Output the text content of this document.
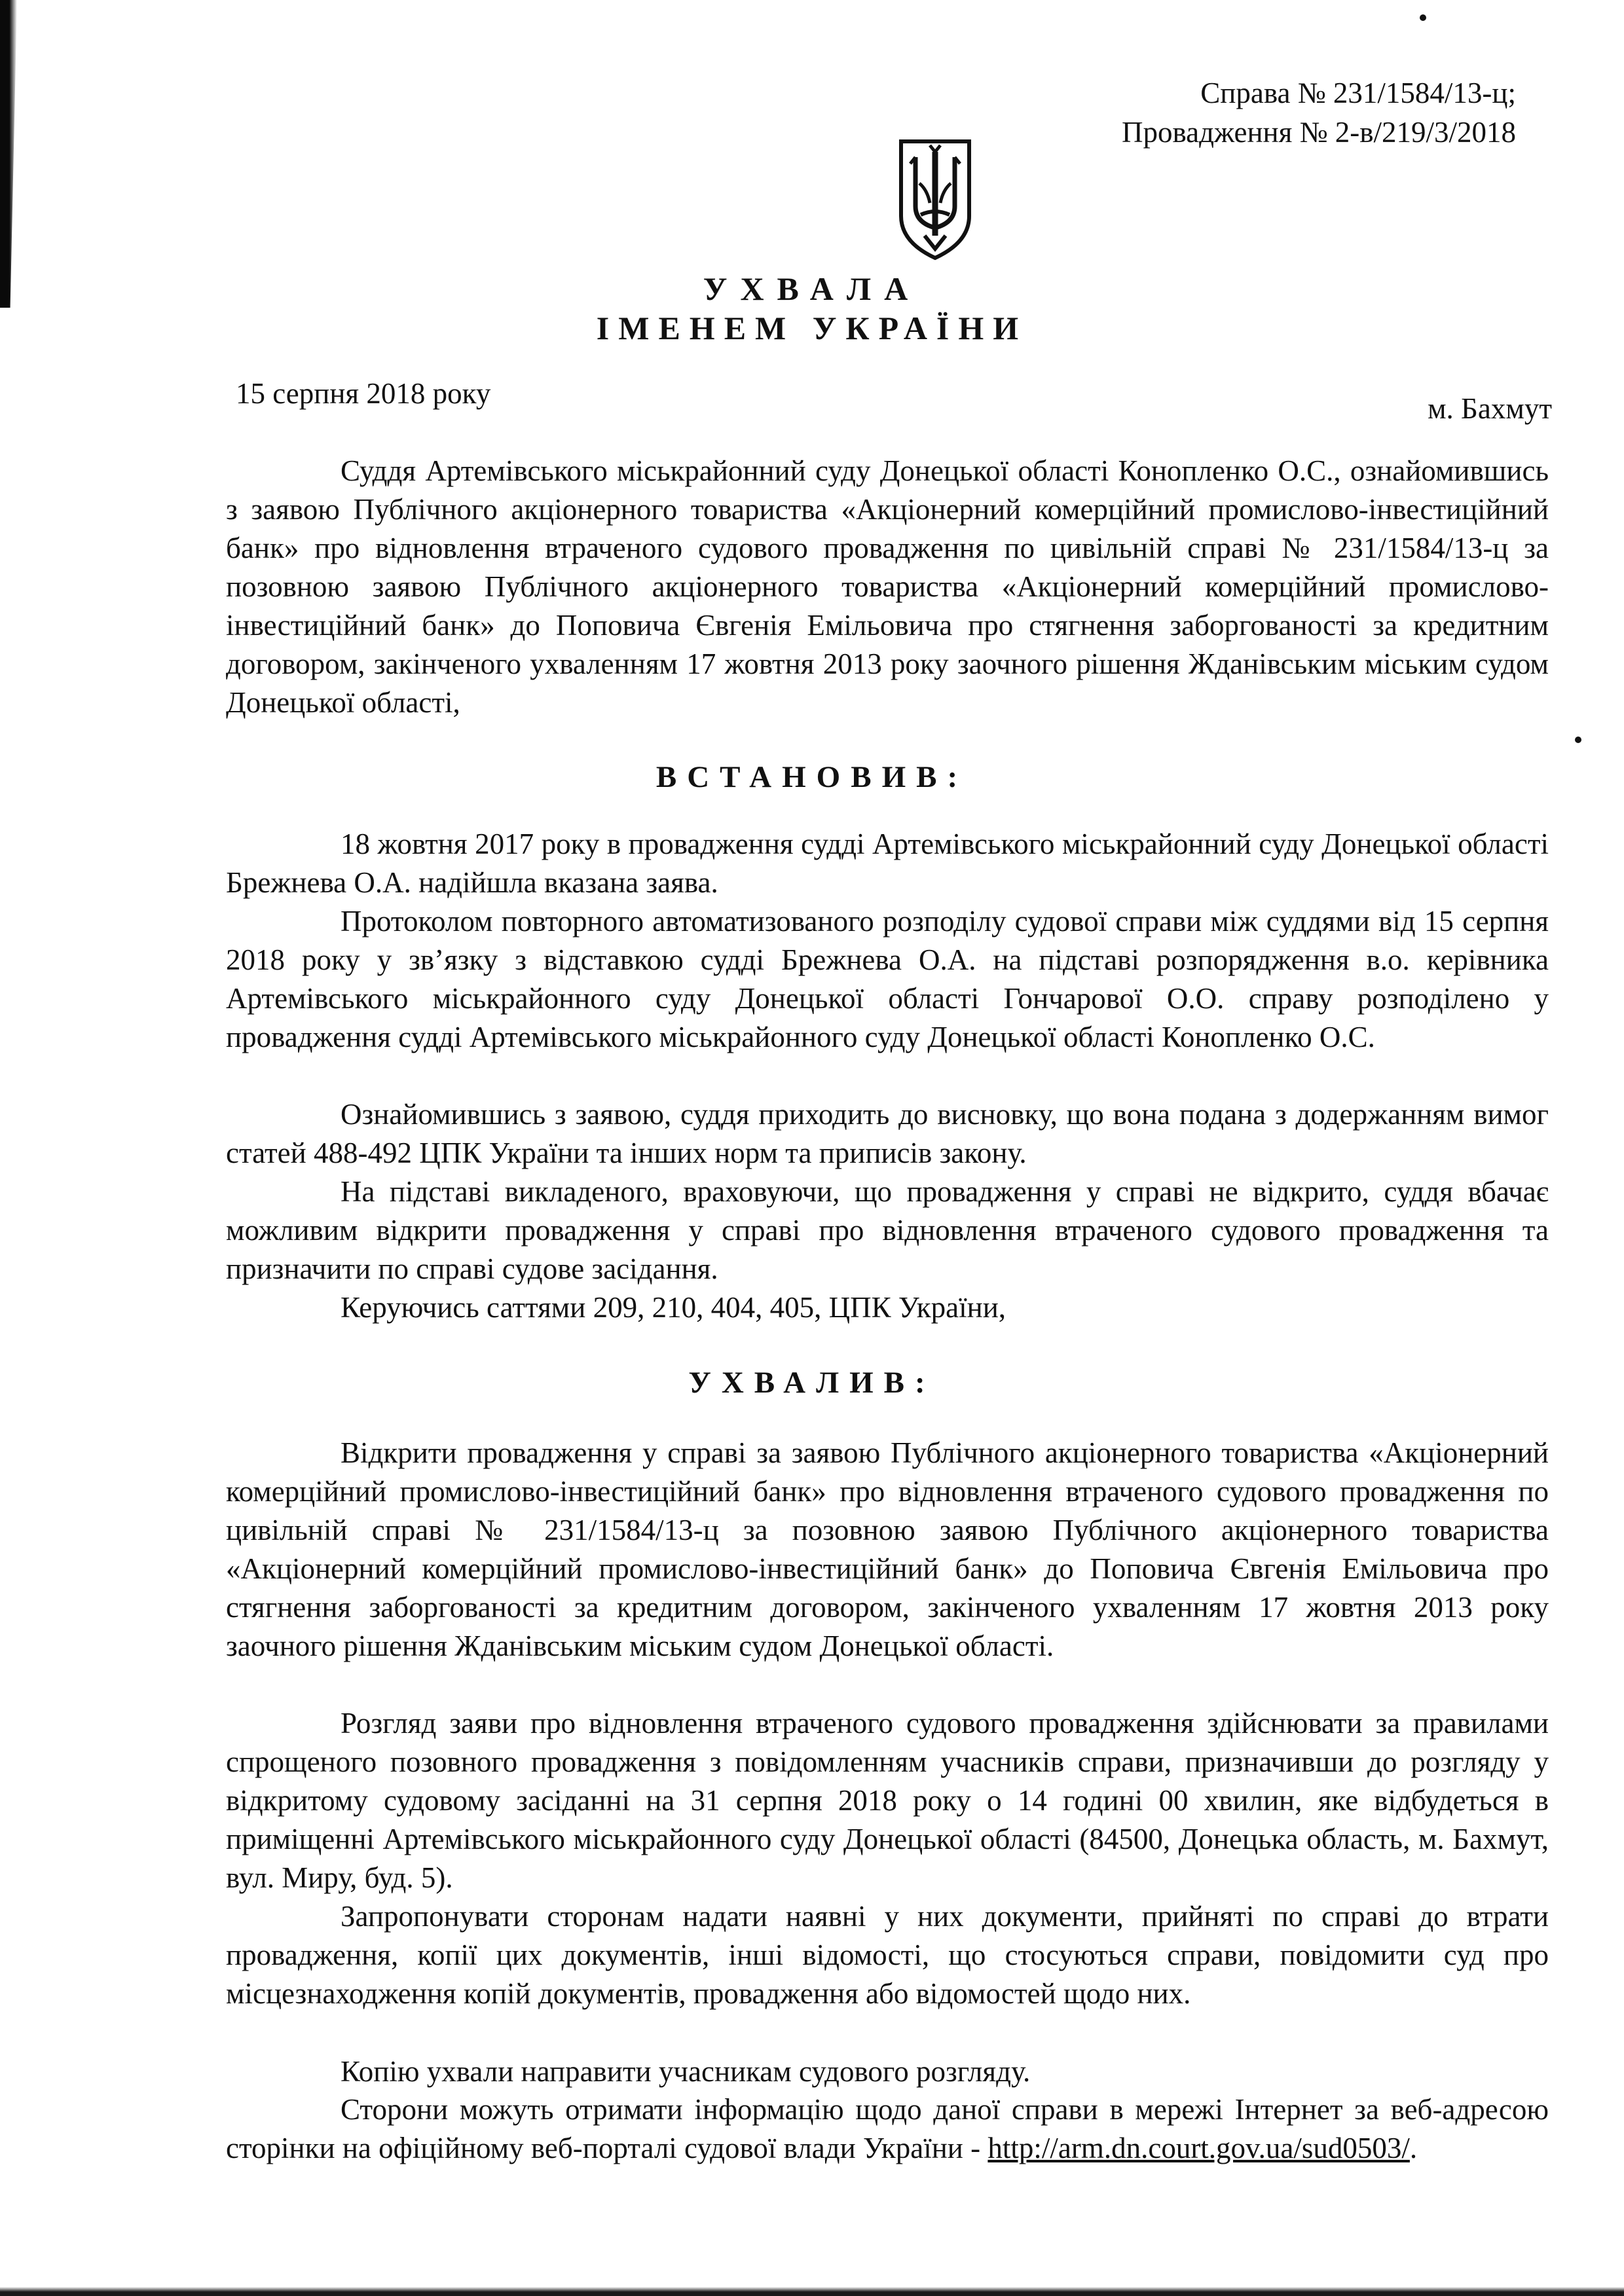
Справа № 231/1584/13-ц;
Провадження № 2-в/219/3/2018
УХВАЛА
ІМЕНЕМ УКРАЇНИ
15 серпня 2018 року	м. Бахмут
Суддя Артемівського міськрайонний суду Донецької області Конопленко О.С., ознайомившись з заявою Публічного акціонерного товариства «Акціонерний комерційний промислово-інвестиційний банк» про відновлення втраченого судового провадження по цивільній справі № 231/1584/13-ц за позовною заявою Публічного акціонерного товариства «Акціонерний комерційний промислово-інвестиційний банк» до Поповича Євгенія Емільовича про стягнення заборгованості за кредитним договором, закінченого ухваленням 17 жовтня 2013 року заочного рішення Жданівським міським судом Донецької області,
ВСТАНОВИВ:
18 жовтня 2017 року в провадження судді Артемівського міськрайонний суду Донецької області Брежнева О.А. надійшла вказана заява.
Протоколом повторного автоматизованого розподілу судової справи між суддями від 15 серпня 2018 року у зв’язку з відставкою судді Брежнева О.А. на підставі розпорядження в.о. керівника Артемівського міськрайонного суду Донецької області Гончарової О.О. справу розподілено у провадження судді Артемівського міськрайонного суду Донецької області Конопленко О.С.
Ознайомившись з заявою, суддя приходить до висновку, що вона подана з додержанням вимог статей 488-492 ЦПК України та інших норм та приписів закону.
На підставі викладеного, враховуючи, що провадження у справі не відкрито, суддя вбачає можливим відкрити провадження у справі про відновлення втраченого судового провадження та призначити по справі судове засідання.
Керуючись саттями 209, 210, 404, 405, ЦПК України,
УХВАЛИВ:
Відкрити провадження у справі за заявою Публічного акціонерного товариства «Акціонерний комерційний промислово-інвестиційний банк» про відновлення втраченого судового провадження по цивільній справі № 231/1584/13-ц за позовною заявою Публічного акціонерного товариства «Акціонерний комерційний промислово-інвестиційний банк» до Поповича Євгенія Емільовича про стягнення заборгованості за кредитним договором, закінченого ухваленням 17 жовтня 2013 року заочного рішення Жданівським міським судом Донецької області.
Розгляд заяви про відновлення втраченого судового провадження здійснювати за правилами спрощеного позовного провадження з повідомленням учасників справи, призначивши до розгляду у відкритому судовому засіданні на 31 серпня 2018 року о 14 годині 00 хвилин, яке відбудеться в приміщенні Артемівського міськрайонного суду Донецької області (84500, Донецька область, м. Бахмут, вул. Миру, буд. 5).
Запропонувати сторонам надати наявні у них документи, прийняті по справі до втрати провадження, копії цих документів, інші відомості, що стосуються справи, повідомити суд про місцезнаходження копій документів, провадження або відомостей щодо них.
Копію ухвали направити учасникам судового розгляду.
Сторони можуть отримати інформацію щодо даної справи в мережі Інтернет за веб-адресою сторінки на офіційному веб-порталі судової влади України - http://arm.dn.court.gov.ua/sud0503/.
